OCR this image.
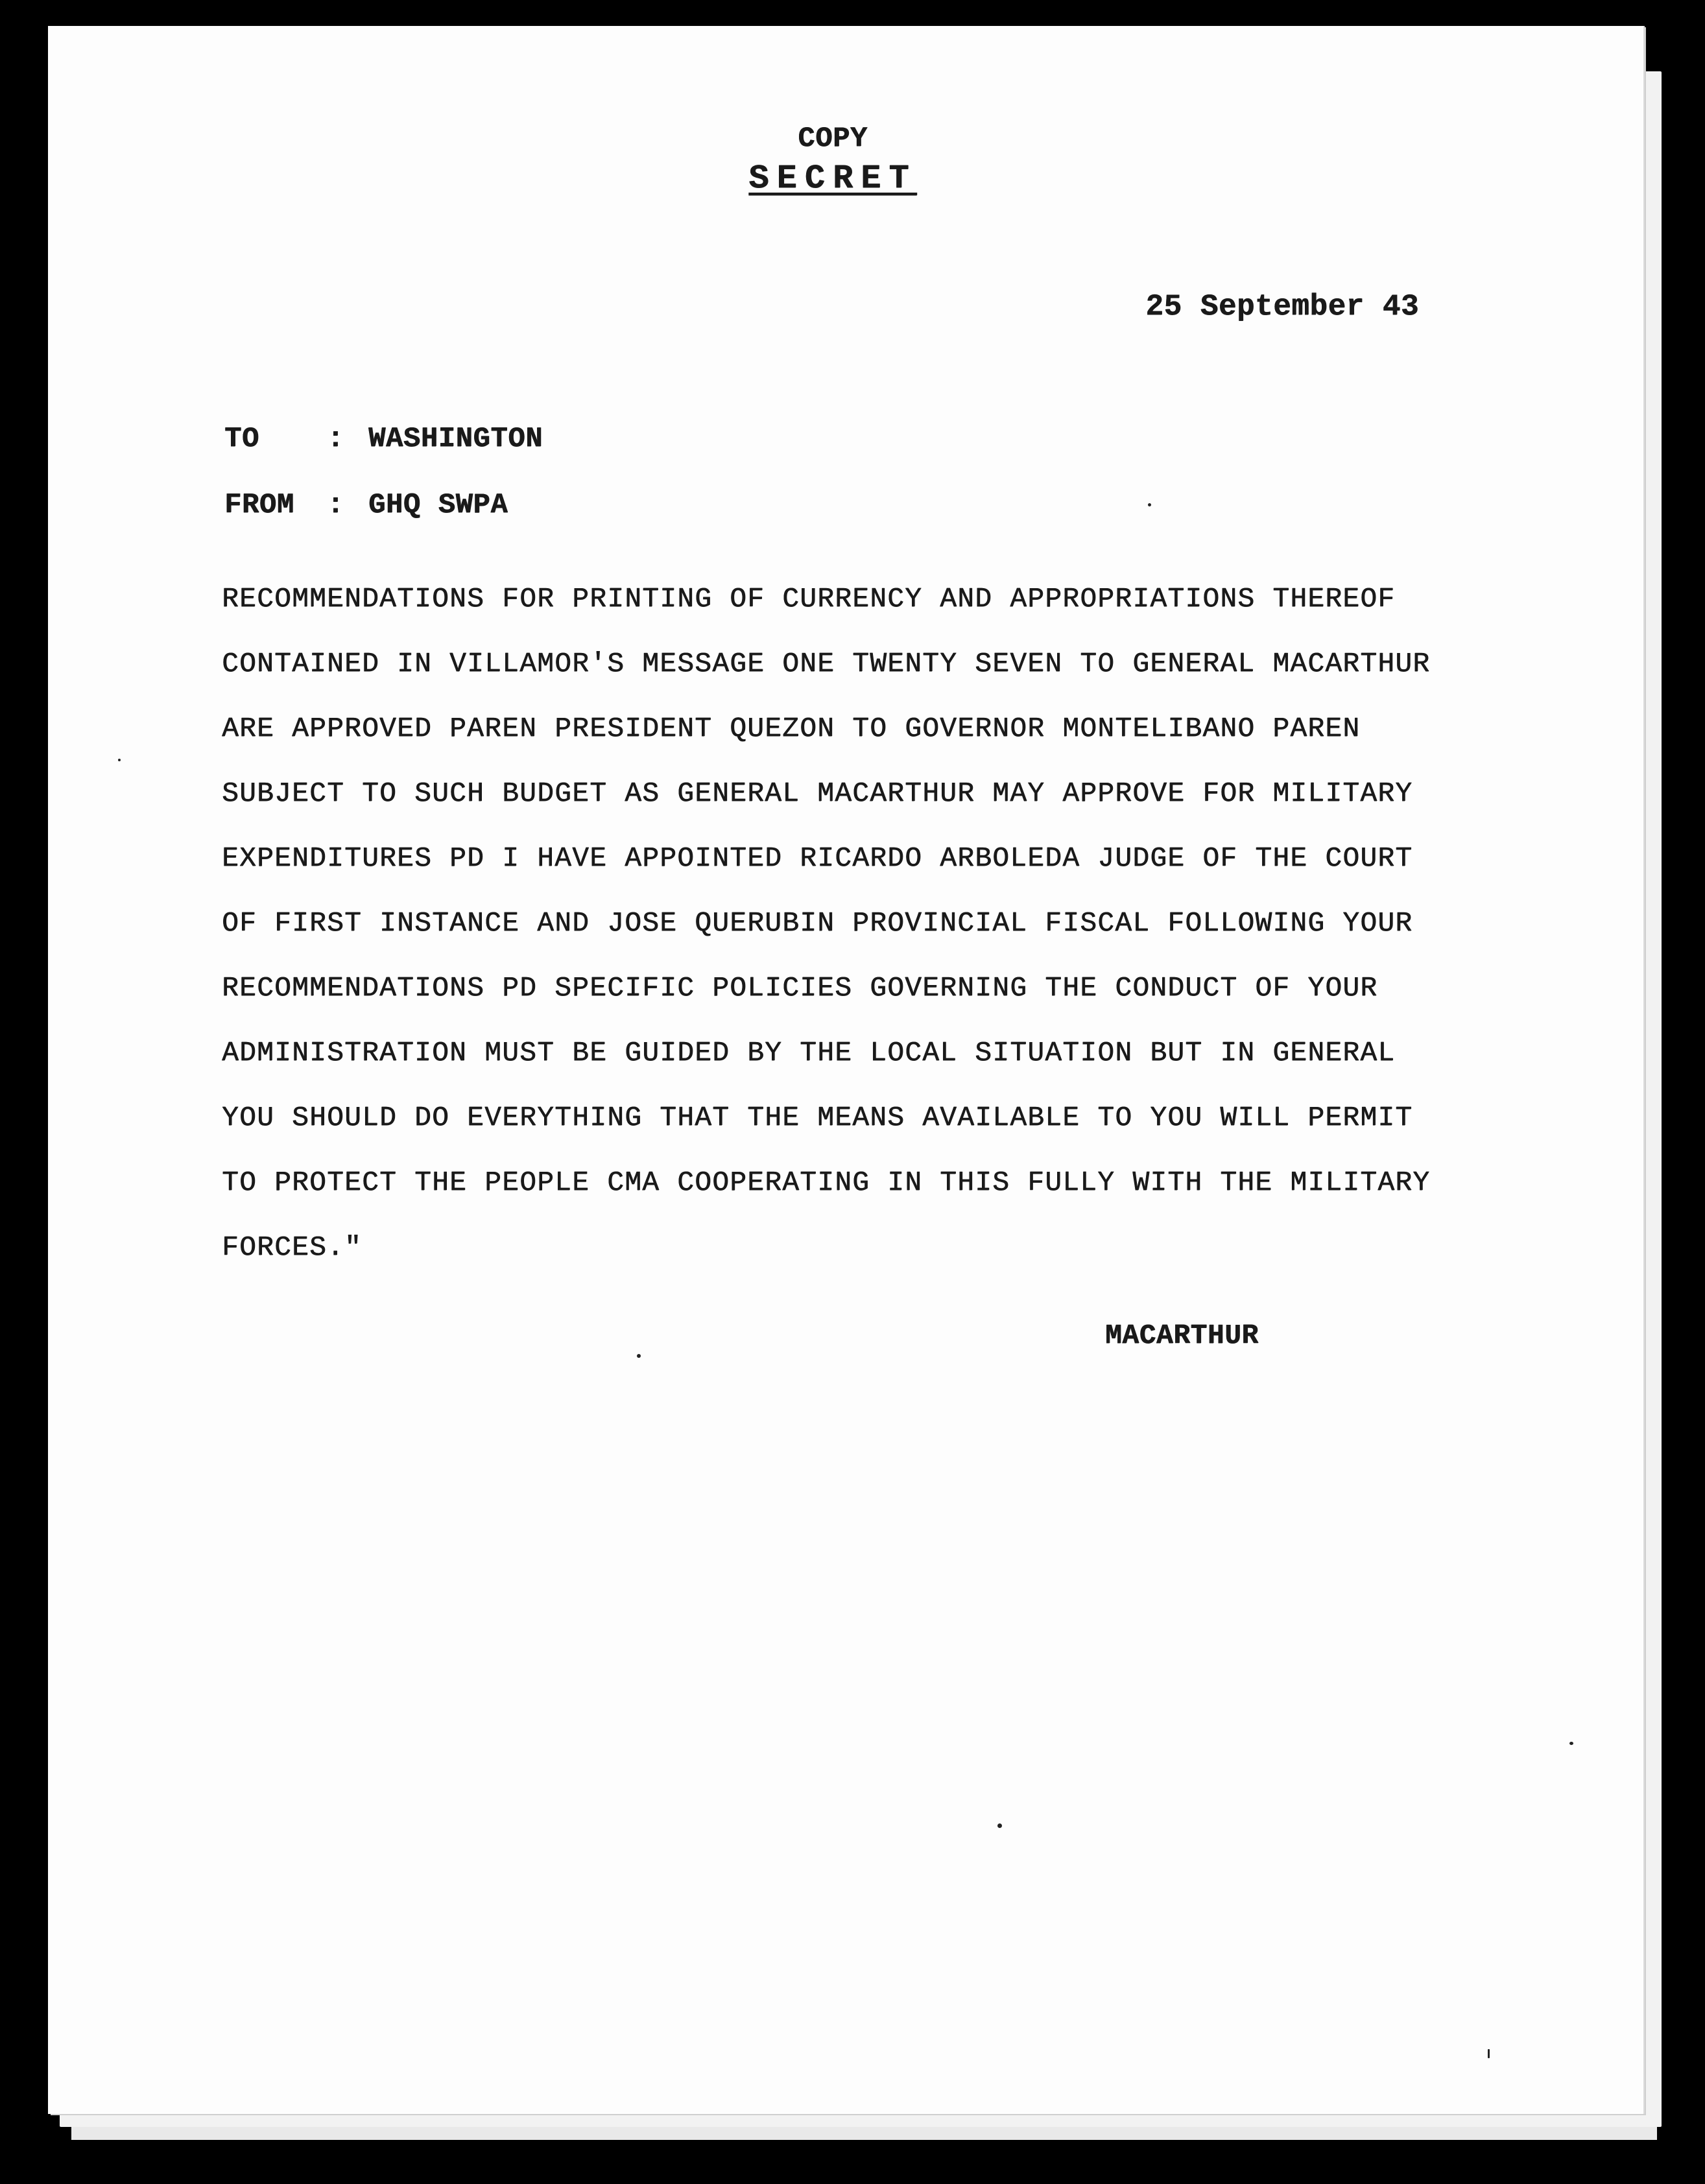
COPY
SECRET
25 September 43
TO : WASHINGTON
FROM : GHQ SWPA
RECOMMENDATIONS FOR PRINTING OF CURRENCY AND APPROPRIATIONS THEREOF
CONTAINED IN VILLAMOR'S MESSAGE ONE TWENTY SEVEN TO GENERAL MACARTHUR
ARE APPROVED PAREN PRESIDENT QUEZON TO GOVERNOR MONTELIBANO PAREN
SUBJECT TO SUCH BUDGET AS GENERAL MACARTHUR MAY APPROVE FOR MILITARY
EXPENDITURES PD I HAVE APPOINTED RICARDO ARBOLEDA JUDGE OF THE COURT
OF FIRST INSTANCE AND JOSE QUERUBIN PROVINCIAL FISCAL FOLLOWING YOUR
RECOMMENDATIONS PD SPECIFIC POLICIES GOVERNING THE CONDUCT OF YOUR
ADMINISTRATION MUST BE GUIDED BY THE LOCAL SITUATION BUT IN GENERAL
YOU SHOULD DO EVERYTHING THAT THE MEANS AVAILABLE TO YOU WILL PERMIT
TO PROTECT THE PEOPLE CMA COOPERATING IN THIS FULLY WITH THE MILITARY
FORCES."
MACARTHUR
